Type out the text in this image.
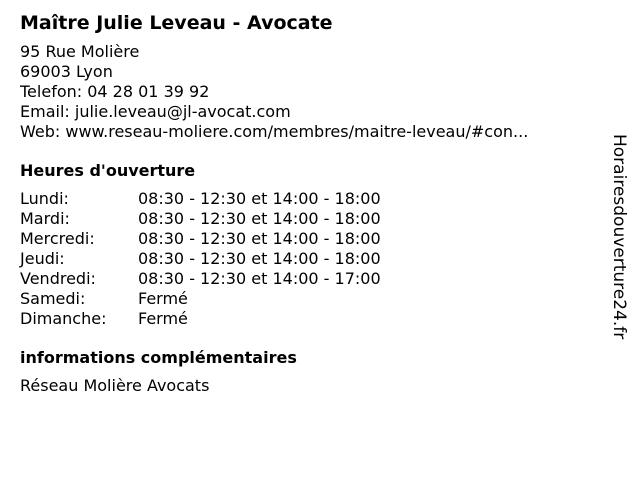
Maître Julie Leveau - Avocate
95 Rue Molière
69003 Lyon
Telefon: 04 28 01 39 92
Email: julie.leveau@jl-avocat.com
Web: www.reseau-moliere.com/membres/maitre-leveau/#con...
Heures d'ouverture
Lundi:	08:30 - 12:30 et 14:00 - 18:00
Mardi:	08:30 - 12:30 et 14:00 - 18:00
Mercredi:	08:30 - 12:30 et 14:00 - 18:00
Jeudi:	08:30 - 12:30 et 14:00 - 18:00
Vendredi:	08:30 - 12:30 et 14:00 - 17:00
Samedi:	Fermé
Dimanche:	Fermé
informations complémentaires
Réseau Molière Avocats
Horairesdouverture24.fr
